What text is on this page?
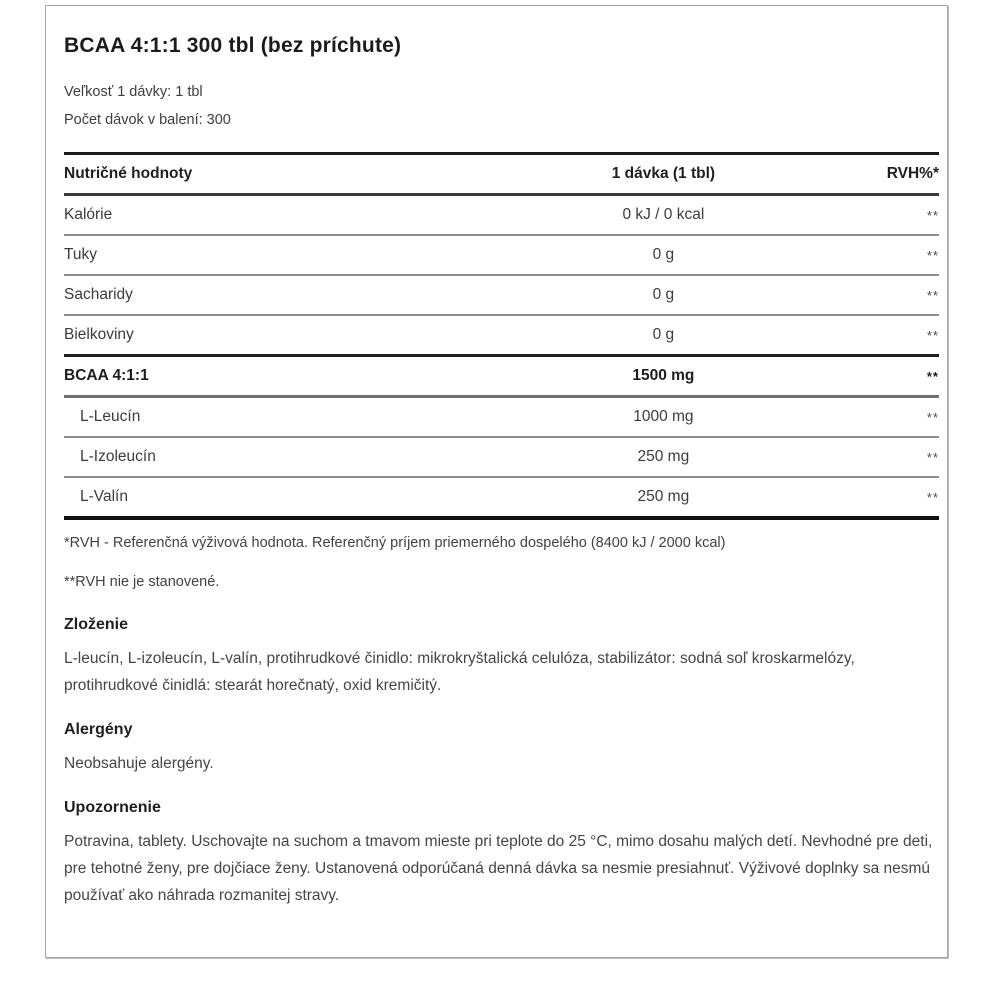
BCAA 4:1:1 300 tbl (bez príchute)
Veľkosť 1 dávky: 1 tbl
Počet dávok v balení: 300
Nutričné hodnoty	1 dávka (1 tbl)	RVH%*
Kalórie	0 kJ / 0 kcal	**
Tuky	0 g	**
Sacharidy	0 g	**
Bielkoviny	0 g	**
BCAA 4:1:1	1500 mg	**
L-Leucín	1000 mg	**
L-Izoleucín	250 mg	**
L-Valín	250 mg	**

*RVH - Referenčná výživová hodnota. Referenčný príjem priemerného dospelého (8400 kJ / 2000 kcal)

**RVH nie je stanovené.

Zloženie

L-leucín, L-izoleucín, L-valín, protihrudkové činidlo: mikrokryštalická celulóza, stabilizátor: sodná soľ kroskarmelózy, protihrudkové činidlá: stearát horečnatý, oxid kremičitý.

Alergény

Neobsahuje alergény.

Upozornenie

Potravina, tablety. Uschovajte na suchom a tmavom mieste pri teplote do 25 °C, mimo dosahu malých detí. Nevhodné pre deti, pre tehotné ženy, pre dojčiace ženy. Ustanovená odporúčaná denná dávka sa nesmie presiahnuť. Výživové doplnky sa nesmú používať ako náhrada rozmanitej stravy.
